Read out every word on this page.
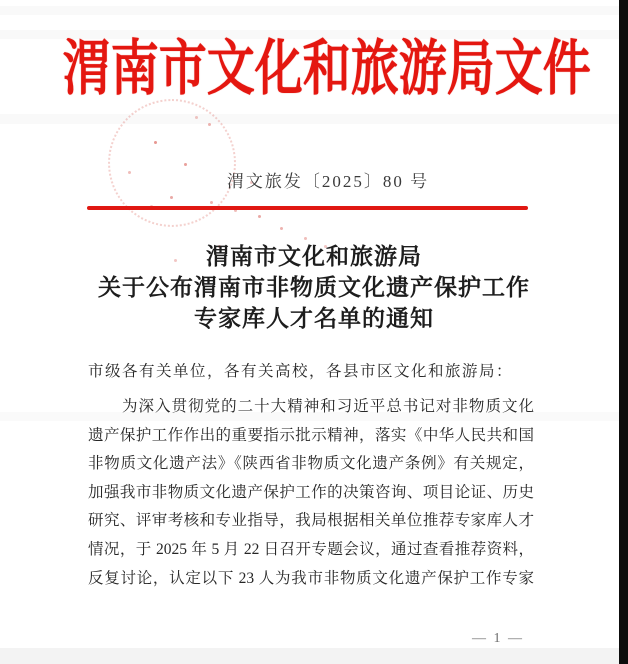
渭南市文化和旅游局文件
渭文旅发〔2025〕80 号
渭南市文化和旅游局
关于公布渭南市非物质文化遗产保护工作
专家库人才名单的通知
市级各有关单位，各有关高校，各县市区文化和旅游局：
为深入贯彻党的二十大精神和习近平总书记对非物质文化
遗产保护工作作出的重要指示批示精神，落实《中华人民共和国
非物质文化遗产法》《陕西省非物质文化遗产条例》有关规定，
加强我市非物质文化遗产保护工作的决策咨询、项目论证、历史
研究、评审考核和专业指导，我局根据相关单位推荐专家库人才
情况，于 2025 年 5 月 22 日召开专题会议，通过查看推荐资料，
反复讨论，认定以下 23 人为我市非物质文化遗产保护工作专家
— 1 —
